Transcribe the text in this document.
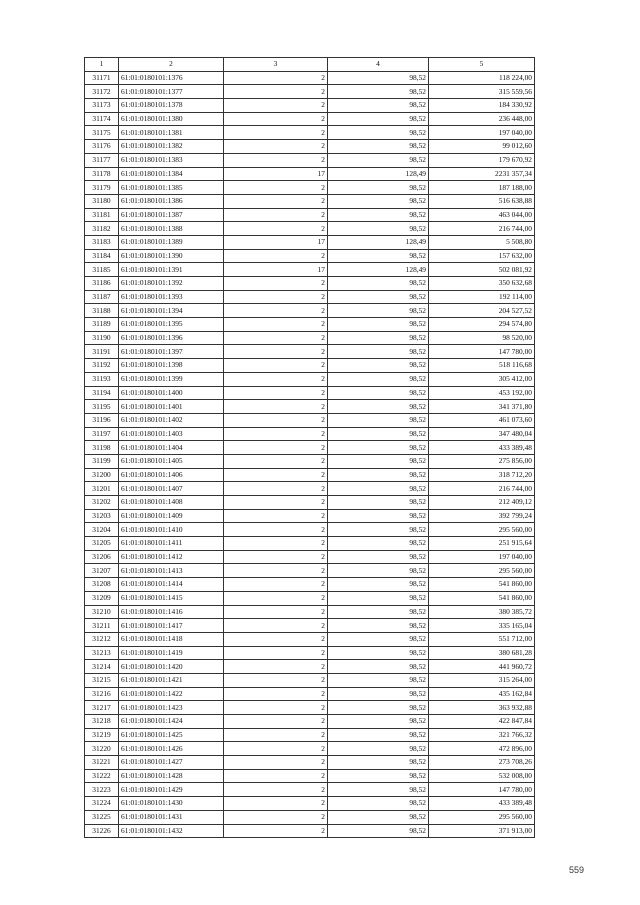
1	2	3	4	5
31171	61:01:0180101:1376	2	98,52	118 224,00
31172	61:01:0180101:1377	2	98,52	315 559,56
31173	61:01:0180101:1378	2	98,52	184 330,92
31174	61:01:0180101:1380	2	98,52	236 448,00
31175	61:01:0180101:1381	2	98,52	197 040,00
31176	61:01:0180101:1382	2	98,52	99 012,60
31177	61:01:0180101:1383	2	98,52	179 670,92
31178	61:01:0180101:1384	17	128,49	2231 357,34
31179	61:01:0180101:1385	2	98,52	187 188,00
31180	61:01:0180101:1386	2	98,52	516 638,88
31181	61:01:0180101:1387	2	98,52	463 044,00
31182	61:01:0180101:1388	2	98,52	216 744,00
31183	61:01:0180101:1389	17	128,49	5 508,80
31184	61:01:0180101:1390	2	98,52	157 632,00
31185	61:01:0180101:1391	17	128,49	502 081,92
31186	61:01:0180101:1392	2	98,52	350 632,68
31187	61:01:0180101:1393	2	98,52	192 114,00
31188	61:01:0180101:1394	2	98,52	204 527,52
31189	61:01:0180101:1395	2	98,52	294 574,80
31190	61:01:0180101:1396	2	98,52	98 520,00
31191	61:01:0180101:1397	2	98,52	147 780,00
31192	61:01:0180101:1398	2	98,52	518 116,68
31193	61:01:0180101:1399	2	98,52	305 412,00
31194	61:01:0180101:1400	2	98,52	453 192,00
31195	61:01:0180101:1401	2	98,52	341 371,80
31196	61:01:0180101:1402	2	98,52	461 073,60
31197	61:01:0180101:1403	2	98,52	347 480,04
31198	61:01:0180101:1404	2	98,52	433 389,48
31199	61:01:0180101:1405	2	98,52	275 856,00
31200	61:01:0180101:1406	2	98,52	318 712,20
31201	61:01:0180101:1407	2	98,52	216 744,00
31202	61:01:0180101:1408	2	98,52	212 409,12
31203	61:01:0180101:1409	2	98,52	392 799,24
31204	61:01:0180101:1410	2	98,52	295 560,00
31205	61:01:0180101:1411	2	98,52	251 915,64
31206	61:01:0180101:1412	2	98,52	197 040,00
31207	61:01:0180101:1413	2	98,52	295 560,00
31208	61:01:0180101:1414	2	98,52	541 860,00
31209	61:01:0180101:1415	2	98,52	541 860,00
31210	61:01:0180101:1416	2	98,52	380 385,72
31211	61:01:0180101:1417	2	98,52	335 165,04
31212	61:01:0180101:1418	2	98,52	551 712,00
31213	61:01:0180101:1419	2	98,52	380 681,28
31214	61:01:0180101:1420	2	98,52	441 960,72
31215	61:01:0180101:1421	2	98,52	315 264,00
31216	61:01:0180101:1422	2	98,52	435 162,84
31217	61:01:0180101:1423	2	98,52	363 932,88
31218	61:01:0180101:1424	2	98,52	422 847,84
31219	61:01:0180101:1425	2	98,52	321 766,32
31220	61:01:0180101:1426	2	98,52	472 896,00
31221	61:01:0180101:1427	2	98,52	273 708,26
31222	61:01:0180101:1428	2	98,52	532 008,00
31223	61:01:0180101:1429	2	98,52	147 780,00
31224	61:01:0180101:1430	2	98,52	433 389,48
31225	61:01:0180101:1431	2	98,52	295 560,00
31226	61:01:0180101:1432	2	98,52	371 913,00
559
